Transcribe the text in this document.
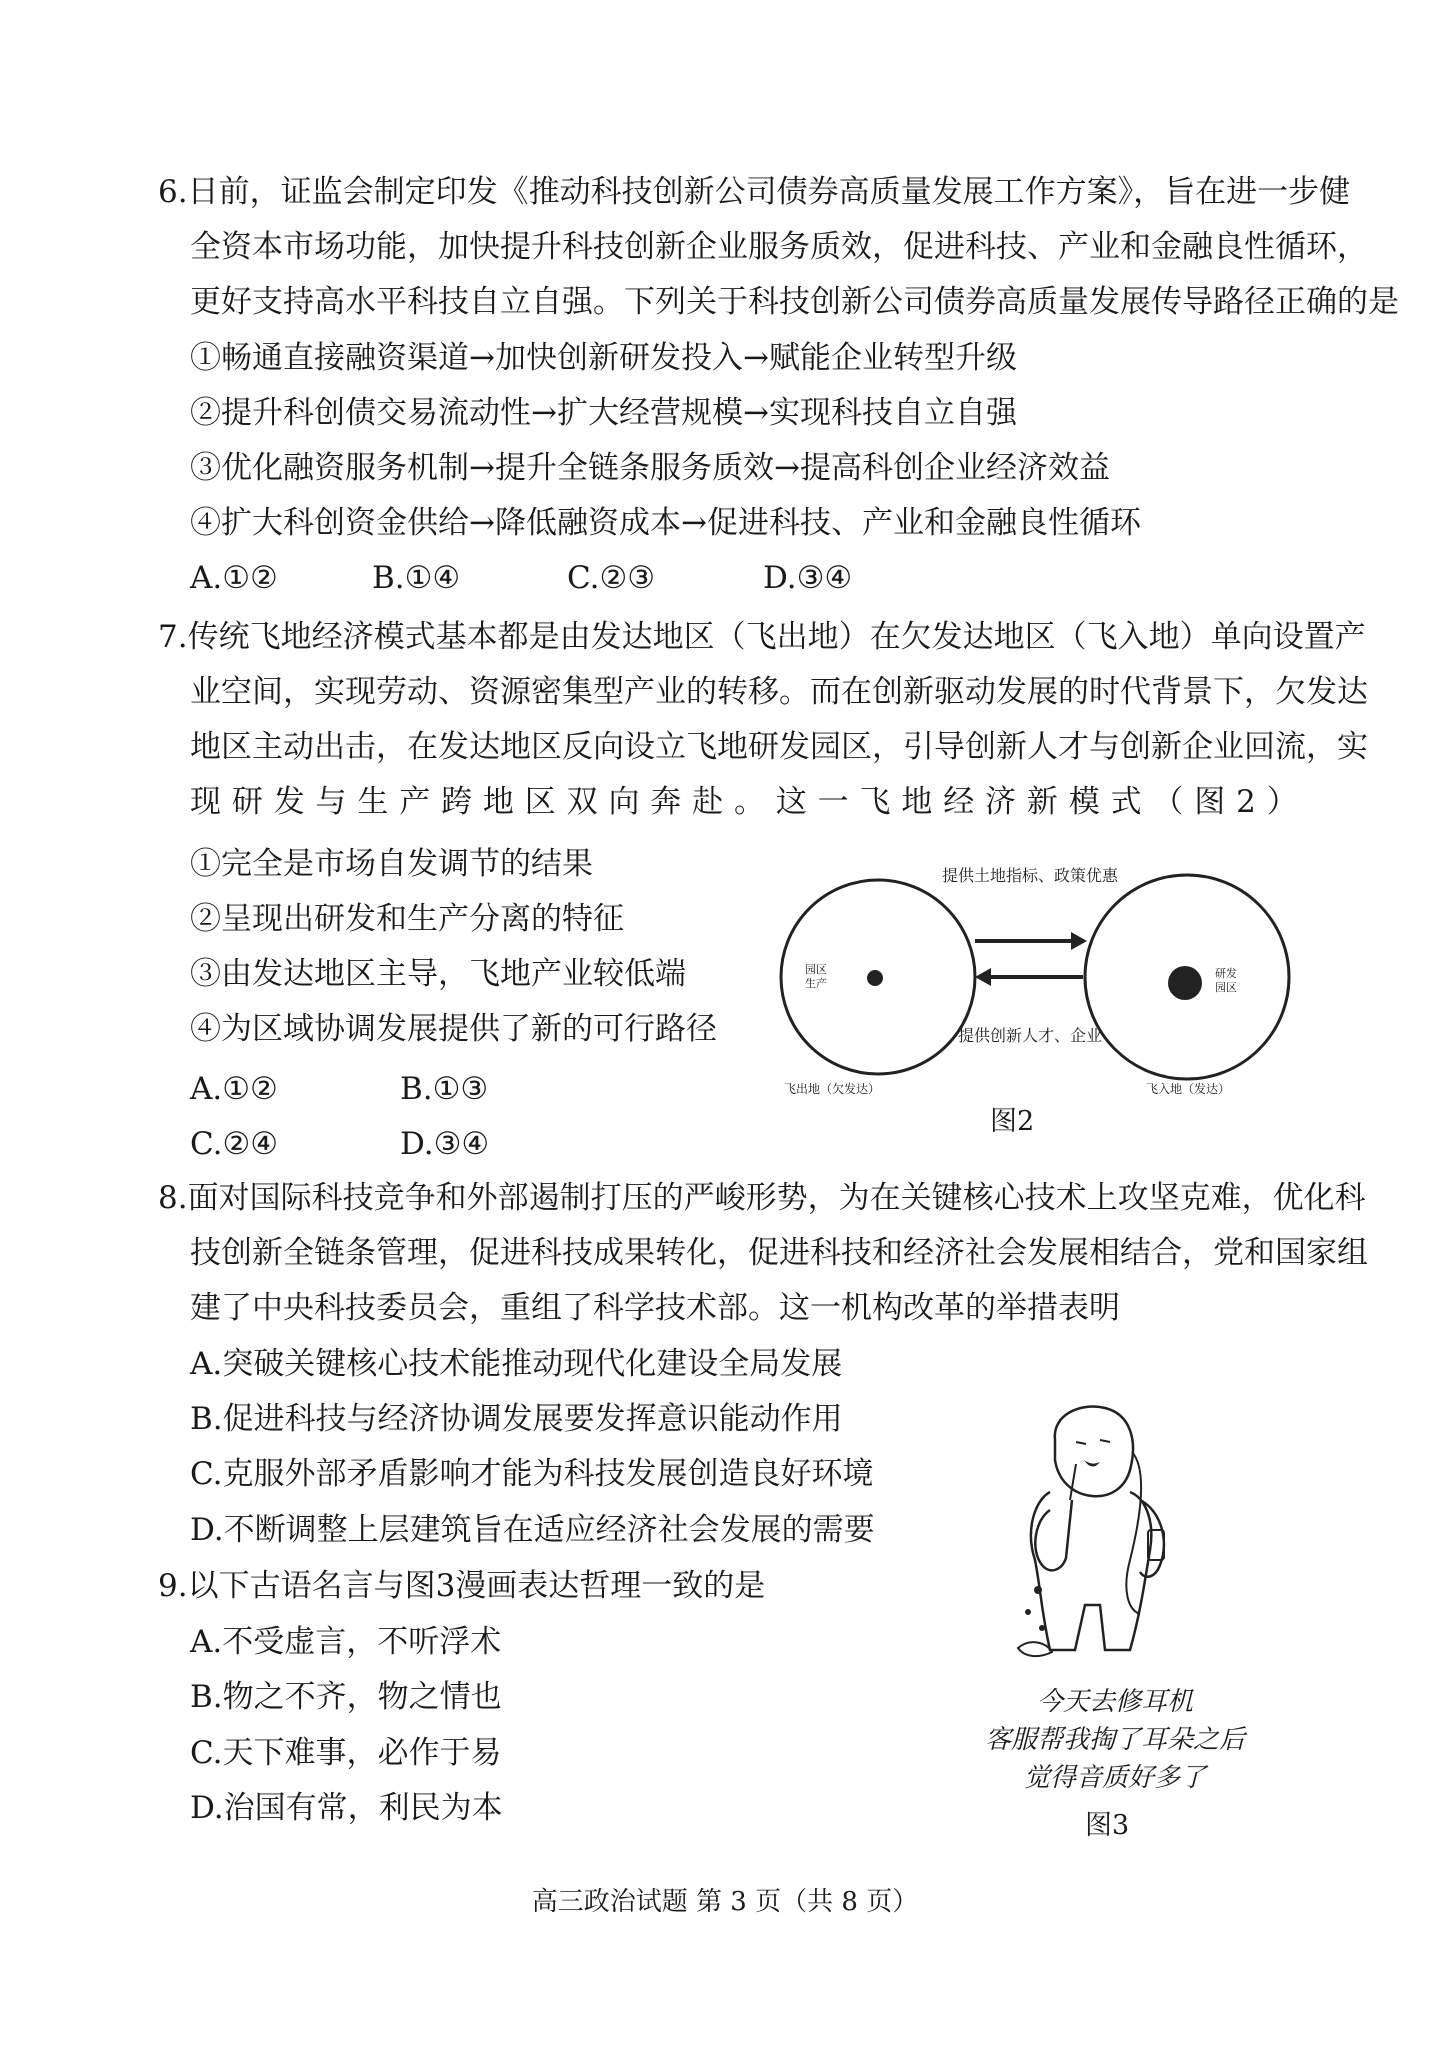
6.日前，证监会制定印发《推动科技创新公司债券高质量发展工作方案》，旨在进一步健
全资本市场功能，加快提升科技创新企业服务质效，促进科技、产业和金融良性循环，
更好支持高水平科技自立自强。下列关于科技创新公司债券高质量发展传导路径正确的是
①畅通直接融资渠道→加快创新研发投入→赋能企业转型升级
②提升科创债交易流动性→扩大经营规模→实现科技自立自强
③优化融资服务机制→提升全链条服务质效→提高科创企业经济效益
④扩大科创资金供给→降低融资成本→促进科技、产业和金融良性循环
A.①②	B.①④	C.②③	D.③④
7.传统飞地经济模式基本都是由发达地区（飞出地）在欠发达地区（飞入地）单向设置产
业空间，实现劳动、资源密集型产业的转移。而在创新驱动发展的时代背景下，欠发达
地区主动出击，在发达地区反向设立飞地研发园区，引导创新人才与创新企业回流，实
现 研 发 与 生 产 跨 地 区 双 向 奔 赴 。 这 一 飞 地 经 济 新 模 式 （ 图 2 ）
①完全是市场自发调节的结果
②呈现出研发和生产分离的特征
③由发达地区主导，飞地产业较低端
④为区域协调发展提供了新的可行路径
A.①②	B.①③
C.②④	D.③④
提供土地指标、政策优惠
提供创新人才、企业
园区
生产
研发
园区
飞出地（欠发达）	飞入地（发达）
图2
8.面对国际科技竞争和外部遏制打压的严峻形势，为在关键核心技术上攻坚克难，优化科
技创新全链条管理，促进科技成果转化，促进科技和经济社会发展相结合，党和国家组
建了中央科技委员会，重组了科学技术部。这一机构改革的举措表明
A.突破关键核心技术能推动现代化建设全局发展
B.促进科技与经济协调发展要发挥意识能动作用
C.克服外部矛盾影响才能为科技发展创造良好环境
D.不断调整上层建筑旨在适应经济社会发展的需要
9.以下古语名言与图3漫画表达哲理一致的是
A.不受虚言，不听浮术
B.物之不齐，物之情也
C.天下难事，必作于易
D.治国有常，利民为本
今天去修耳机
客服帮我掏了耳朵之后
觉得音质好多了
图3
高三政治试题 第 3 页（共 8 页）
